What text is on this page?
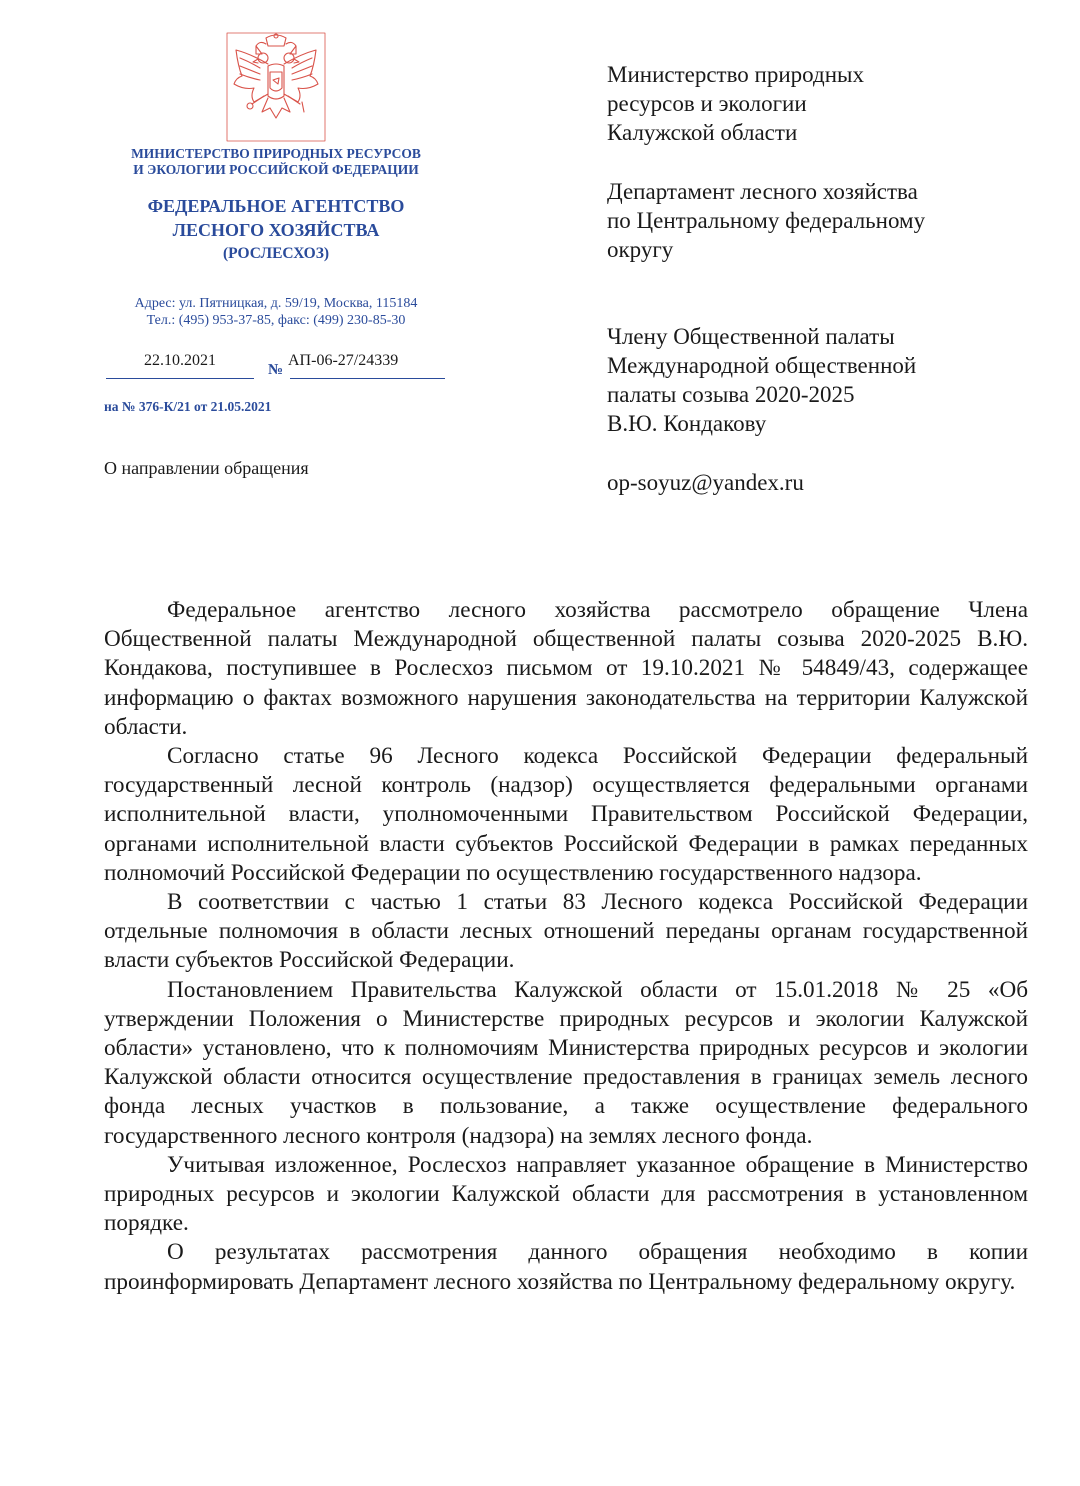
МИНИСТЕРСТВО ПРИРОДНЫХ РЕСУРСОВ
И ЭКОЛОГИИ РОССИЙСКОЙ ФЕДЕРАЦИИ
ФЕДЕРАЛЬНОЕ АГЕНТСТВО
ЛЕСНОГО ХОЗЯЙСТВА
(РОСЛЕСХОЗ)
Адрес: ул. Пятницкая, д. 59/19, Москва, 115184
Тел.: (495) 953-37-85, факс: (499) 230-85-30
22.10.2021
№
АП-06-27/24339
на № 376-К/21 от 21.05.2021
О направлении обращения
Министерство природных
ресурсов и экологии
Калужской области
Департамент лесного хозяйства
по Центральному федеральному
округу
Члену Общественной палаты
Международной общественной
палаты созыва 2020-2025
В.Ю. Кондакову
op-soyuz@yandex.ru

Федеральное агентство лесного хозяйства рассмотрело обращение Члена Общественной палаты Международной общественной палаты созыва 2020-2025 В.Ю. Кондакова, поступившее в Рослесхоз письмом от 19.10.2021 № 54849/43, содержащее информацию о фактах возможного нарушения законодательства на территории Калужской области.

Согласно статье 96 Лесного кодекса Российской Федерации федеральный государственный лесной контроль (надзор) осуществляется федеральными органами исполнительной власти, уполномоченными Правительством Российской Федерации, органами исполнительной власти субъектов Российской Федерации в рамках переданных полномочий Российской Федерации по осуществлению государственного надзора.

В соответствии с частью 1 статьи 83 Лесного кодекса Российской Федерации отдельные полномочия в области лесных отношений переданы органам государственной власти субъектов Российской Федерации.

Постановлением Правительства Калужской области от 15.01.2018 № 25 «Об утверждении Положения о Министерстве природных ресурсов и экологии Калужской области» установлено, что к полномочиям Министерства природных ресурсов и экологии Калужской области относится осуществление предоставления в границах земель лесного фонда лесных участков в пользование, а также осуществление федерального государственного лесного контроля (надзора) на землях лесного фонда.

Учитывая изложенное, Рослесхоз направляет указанное обращение в Министерство природных ресурсов и экологии Калужской области для рассмотрения в установленном порядке.

О результатах рассмотрения данного обращения необходимо в копии проинформировать Департамент лесного хозяйства по Центральному федеральному округу.
